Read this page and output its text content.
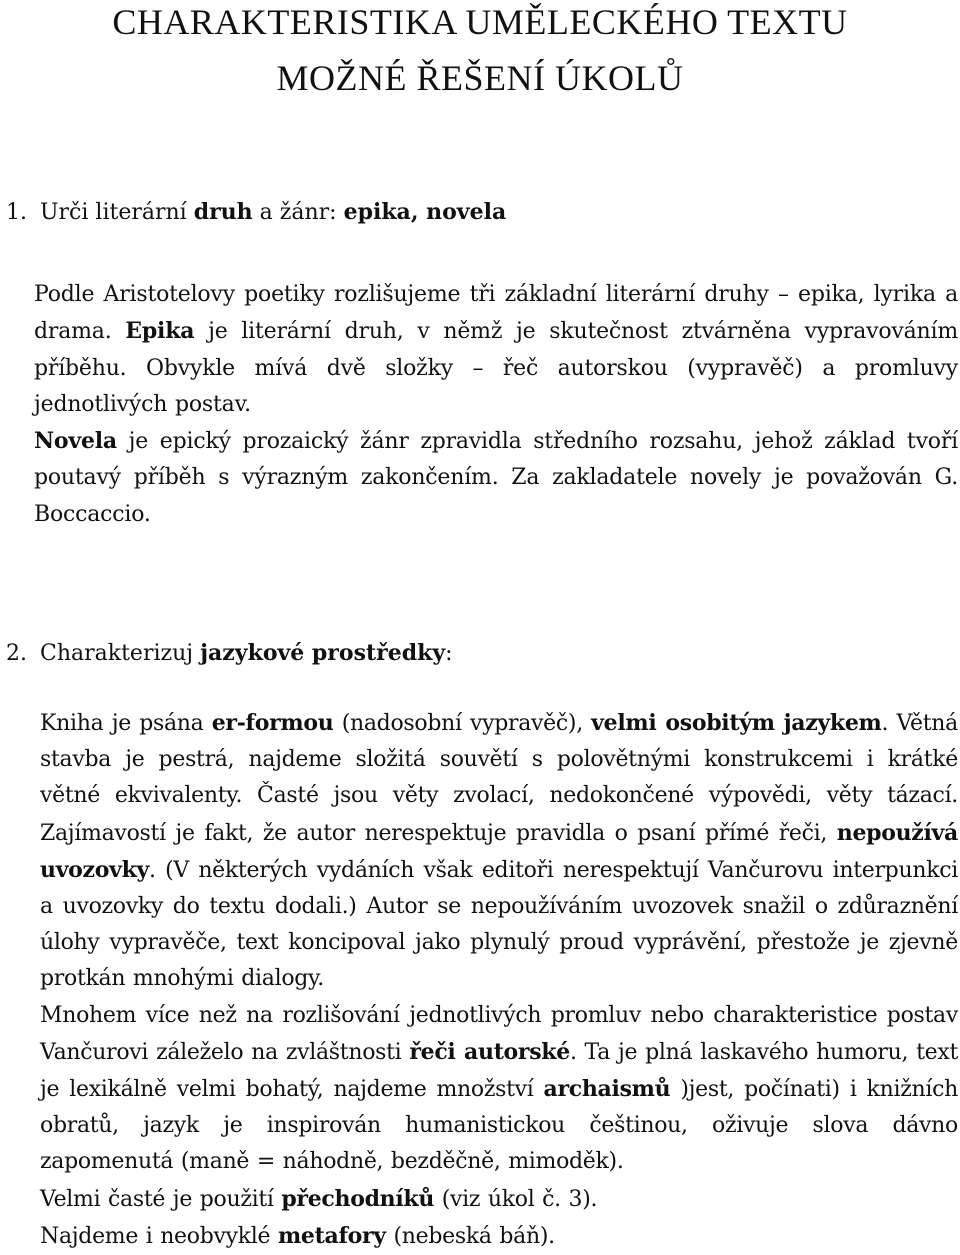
CHARAKTERISTIKA UMĚLECKÉHO TEXTU
MOŽNÉ ŘEŠENÍ ÚKOLŮ

1. Urči literární druh a žánr: epika, novela

Podle Aristotelovy poetiky rozlišujeme tři základní literární druhy – epika, lyrika a drama. Epika je literární druh, v němž je skutečnost ztvárněna vypravováním příběhu. Obvykle mívá dvě složky – řeč autorskou (vypravěč) a promluvy jednotlivých postav.
Novela je epický prozaický žánr zpravidla středního rozsahu, jehož základ tvoří poutavý příběh s výrazným zakončením. Za zakladatele novely je považován G. Boccaccio.

2. Charakterizuj jazykové prostředky:

Kniha je psána er-formou (nadosobní vypravěč), velmi osobitým jazykem. Větná stavba je pestrá, najdeme složitá souvětí s polovětnými konstrukcemi i krátké větné ekvivalenty. Časté jsou věty zvolací, nedokončené výpovědi, věty tázací. Zajímavostí je fakt, že autor nerespektuje pravidla o psaní přímé řeči, nepoužívá uvozovky. (V některých vydáních však editoři nerespektují Vančurovu interpunkci a uvozovky do textu dodali.) Autor se nepoužíváním uvozovek snažil o zdůraznění úlohy vypravěče, text koncipoval jako plynulý proud vyprávění, přestože je zjevně protkán mnohými dialogy.
Mnohem více než na rozlišování jednotlivých promluv nebo charakteristice postav Vančurovi záleželo na zvláštnosti řeči autorské. Ta je plná laskavého humoru, text je lexikálně velmi bohatý, najdeme množství archaismů )jest, počínati) i knižních obratů, jazyk je inspirován humanistickou češtinou, oživuje slova dávno zapomenutá (maně = náhodně, bezděčně, mimoděk).
Velmi časté je použití přechodníků (viz úkol č. 3).
Najdeme i neobvyklé metafory (nebeská báň).
